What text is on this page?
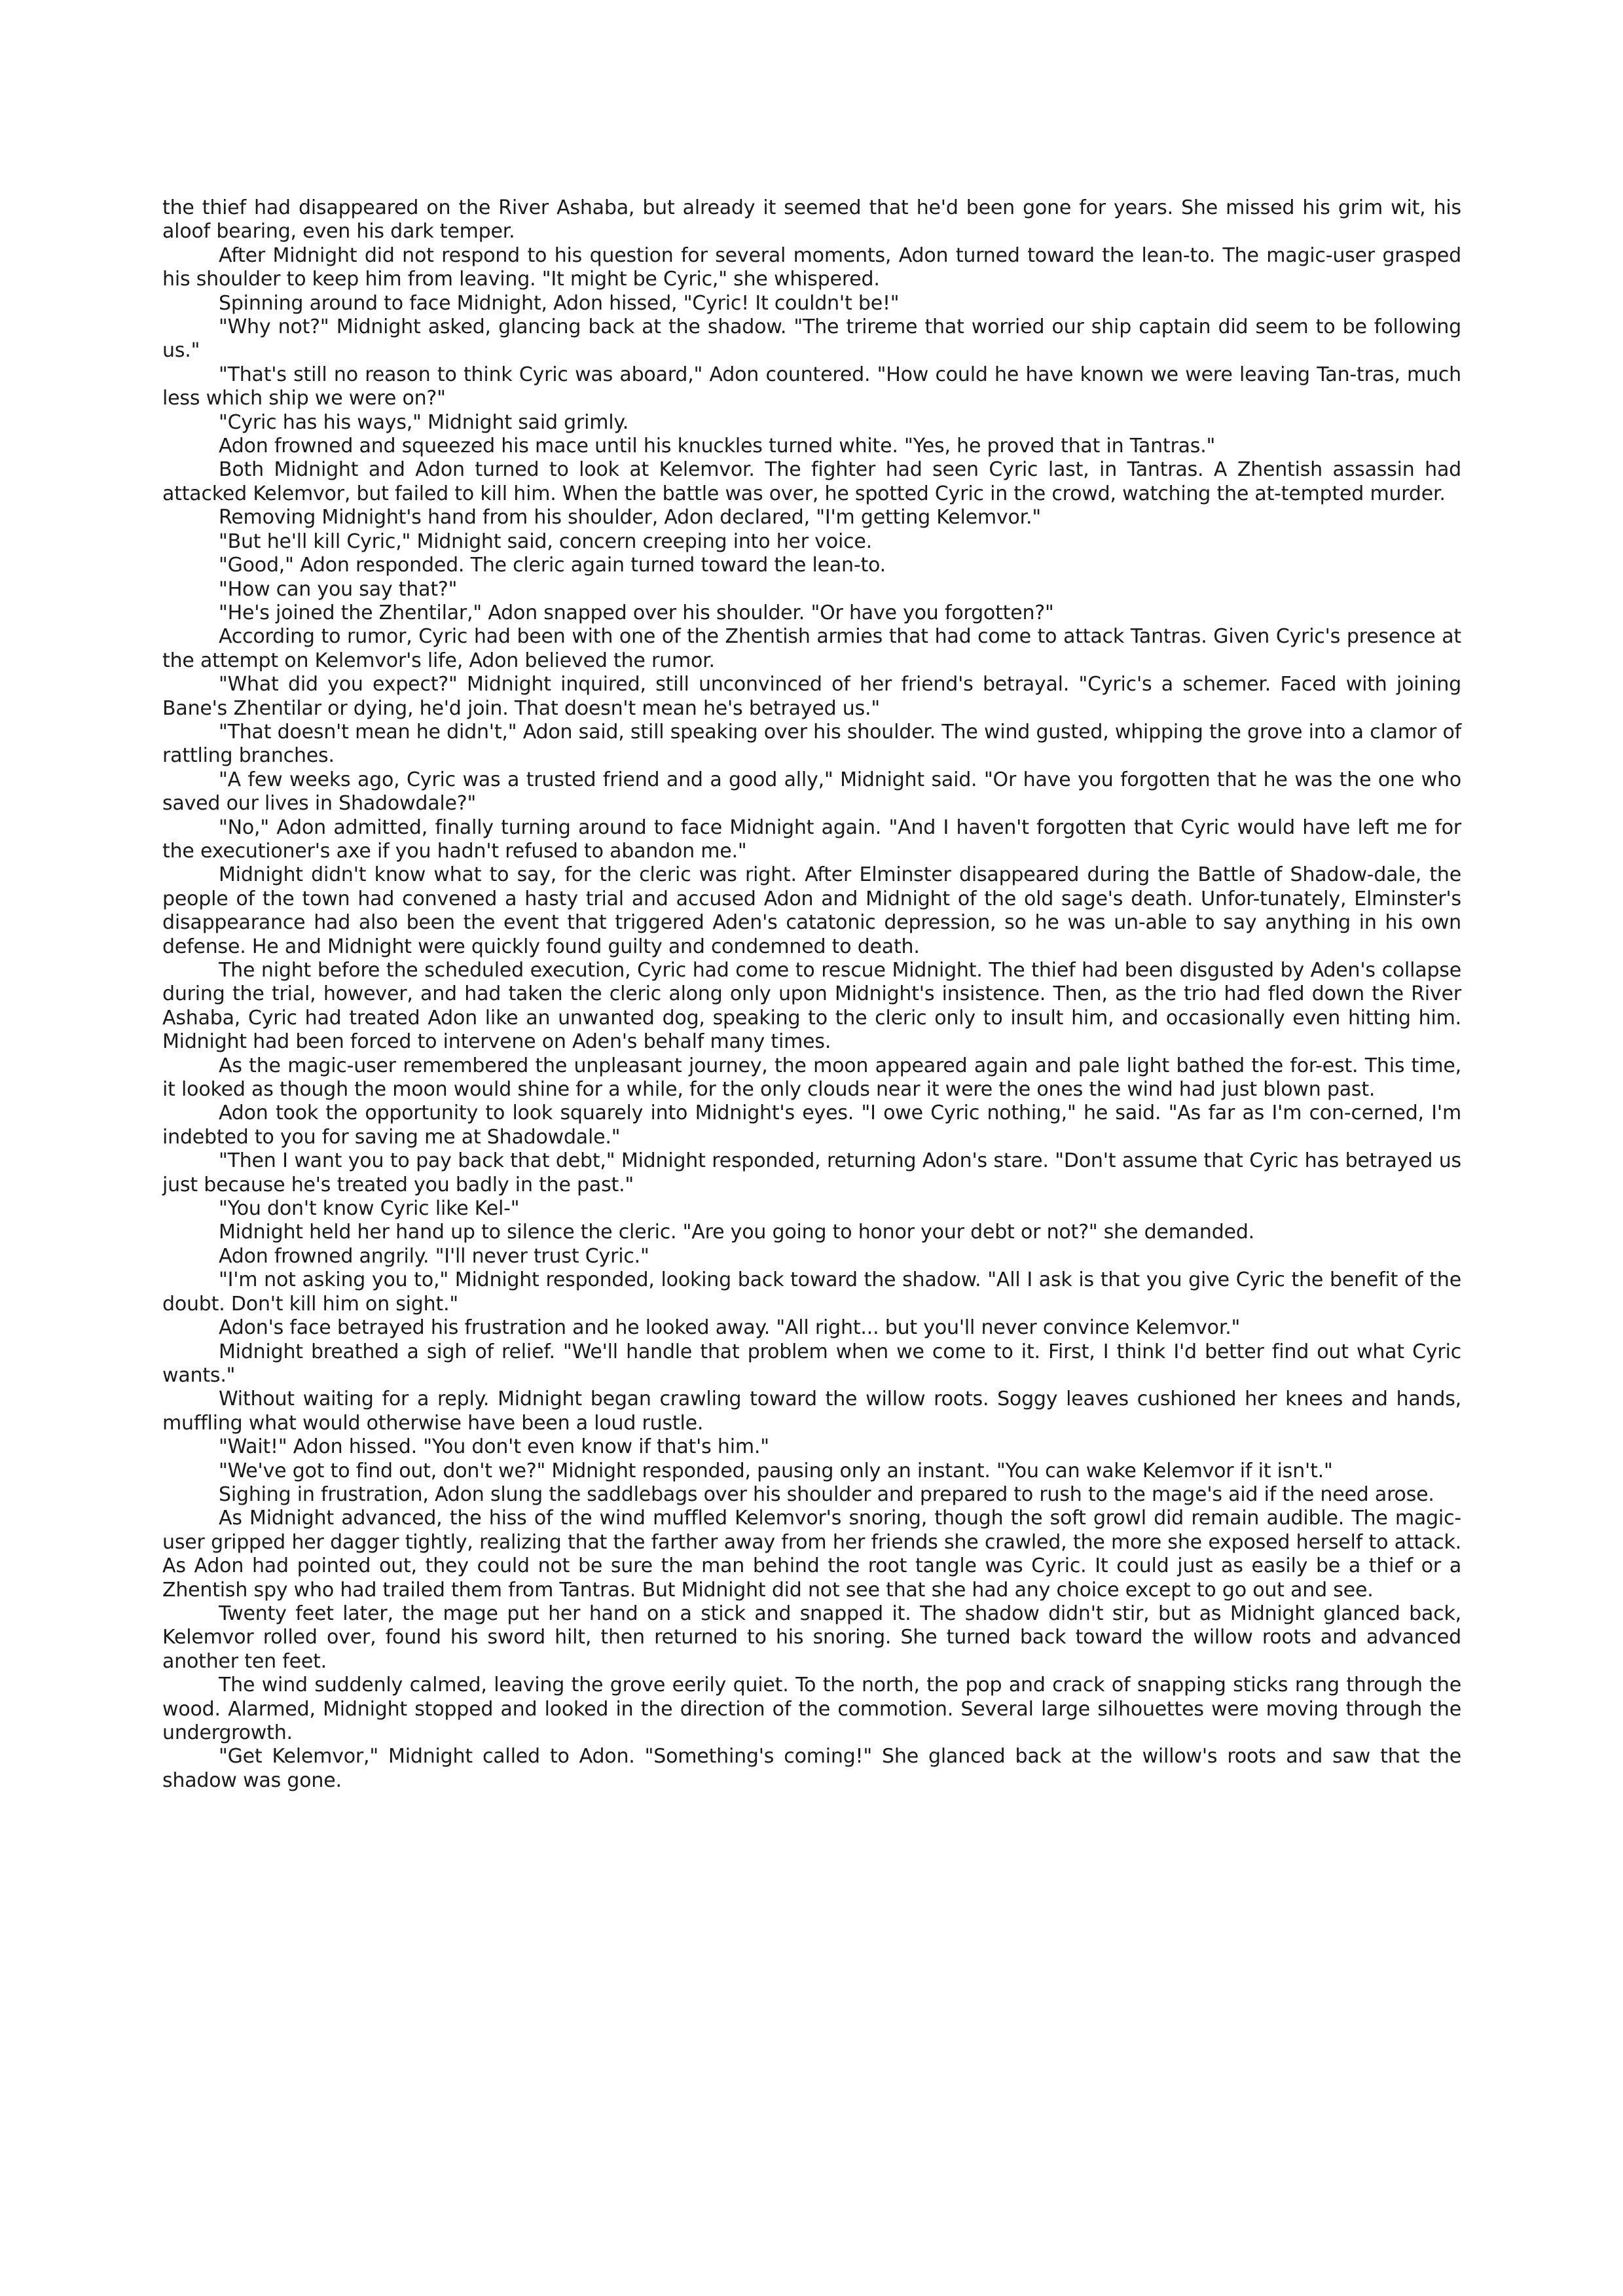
the thief had disappeared on the River Ashaba, but already it seemed that he'd been gone for years. She missed his grim wit, his aloof bearing, even his dark temper.

After Midnight did not respond to his question for several moments, Adon turned toward the lean-to. The magic-user grasped his shoulder to keep him from leaving. "It might be Cyric," she whispered.

Spinning around to face Midnight, Adon hissed, "Cyric! It couldn't be!"

"Why not?" Midnight asked, glancing back at the shadow. "The trireme that worried our ship captain did seem to be following us."

"That's still no reason to think Cyric was aboard," Adon countered. "How could he have known we were leaving Tan-tras, much less which ship we were on?"

"Cyric has his ways," Midnight said grimly.

Adon frowned and squeezed his mace until his knuckles turned white. "Yes, he proved that in Tantras."

Both Midnight and Adon turned to look at Kelemvor. The fighter had seen Cyric last, in Tantras. A Zhentish assassin had attacked Kelemvor, but failed to kill him. When the battle was over, he spotted Cyric in the crowd, watching the at-tempted murder.

Removing Midnight's hand from his shoulder, Adon declared, "I'm getting Kelemvor."

"But he'll kill Cyric," Midnight said, concern creeping into her voice.

"Good," Adon responded. The cleric again turned toward the lean-to.

"How can you say that?"

"He's joined the Zhentilar," Adon snapped over his shoulder. "Or have you forgotten?"

According to rumor, Cyric had been with one of the Zhentish armies that had come to attack Tantras. Given Cyric's presence at the attempt on Kelemvor's life, Adon believed the rumor.

"What did you expect?" Midnight inquired, still unconvinced of her friend's betrayal. "Cyric's a schemer. Faced with joining Bane's Zhentilar or dying, he'd join. That doesn't mean he's betrayed us."

"That doesn't mean he didn't," Adon said, still speaking over his shoulder. The wind gusted, whipping the grove into a clamor of rattling branches.

"A few weeks ago, Cyric was a trusted friend and a good ally," Midnight said. "Or have you forgotten that he was the one who saved our lives in Shadowdale?"

"No," Adon admitted, finally turning around to face Midnight again. "And I haven't forgotten that Cyric would have left me for the executioner's axe if you hadn't refused to abandon me."

Midnight didn't know what to say, for the cleric was right. After Elminster disappeared during the Battle of Shadow-dale, the people of the town had convened a hasty trial and accused Adon and Midnight of the old sage's death. Unfor-tunately, Elminster's disappearance had also been the event that triggered Aden's catatonic depression, so he was un-able to say anything in his own defense. He and Midnight were quickly found guilty and condemned to death.

The night before the scheduled execution, Cyric had come to rescue Midnight. The thief had been disgusted by Aden's collapse during the trial, however, and had taken the cleric along only upon Midnight's insistence. Then, as the trio had fled down the River Ashaba, Cyric had treated Adon like an unwanted dog, speaking to the cleric only to insult him, and occasionally even hitting him. Midnight had been forced to intervene on Aden's behalf many times.

As the magic-user remembered the unpleasant journey, the moon appeared again and pale light bathed the for-est. This time, it looked as though the moon would shine for a while, for the only clouds near it were the ones the wind had just blown past.

Adon took the opportunity to look squarely into Midnight's eyes. "I owe Cyric nothing," he said. "As far as I'm con-cerned, I'm indebted to you for saving me at Shadowdale."

"Then I want you to pay back that debt," Midnight responded, returning Adon's stare. "Don't assume that Cyric has betrayed us just because he's treated you badly in the past."

"You don't know Cyric like Kel-"

Midnight held her hand up to silence the cleric. "Are you going to honor your debt or not?" she demanded.

Adon frowned angrily. "I'll never trust Cyric."

"I'm not asking you to," Midnight responded, looking back toward the shadow. "All I ask is that you give Cyric the benefit of the doubt. Don't kill him on sight."

Adon's face betrayed his frustration and he looked away. "All right... but you'll never convince Kelemvor."

Midnight breathed a sigh of relief. "We'll handle that problem when we come to it. First, I think I'd better find out what Cyric wants."

Without waiting for a reply. Midnight began crawling toward the willow roots. Soggy leaves cushioned her knees and hands, muffling what would otherwise have been a loud rustle.

"Wait!" Adon hissed. "You don't even know if that's him."

"We've got to find out, don't we?" Midnight responded, pausing only an instant. "You can wake Kelemvor if it isn't."

Sighing in frustration, Adon slung the saddlebags over his shoulder and prepared to rush to the mage's aid if the need arose.

As Midnight advanced, the hiss of the wind muffled Kelemvor's snoring, though the soft growl did remain audible. The magic-user gripped her dagger tightly, realizing that the farther away from her friends she crawled, the more she exposed herself to attack. As Adon had pointed out, they could not be sure the man behind the root tangle was Cyric. It could just as easily be a thief or a Zhentish spy who had trailed them from Tantras. But Midnight did not see that she had any choice except to go out and see.

Twenty feet later, the mage put her hand on a stick and snapped it. The shadow didn't stir, but as Midnight glanced back, Kelemvor rolled over, found his sword hilt, then returned to his snoring. She turned back toward the willow roots and advanced another ten feet.

The wind suddenly calmed, leaving the grove eerily quiet. To the north, the pop and crack of snapping sticks rang through the wood. Alarmed, Midnight stopped and looked in the direction of the commotion. Several large silhouettes were moving through the undergrowth.

"Get Kelemvor," Midnight called to Adon. "Something's coming!" She glanced back at the willow's roots and saw that the shadow was gone.
